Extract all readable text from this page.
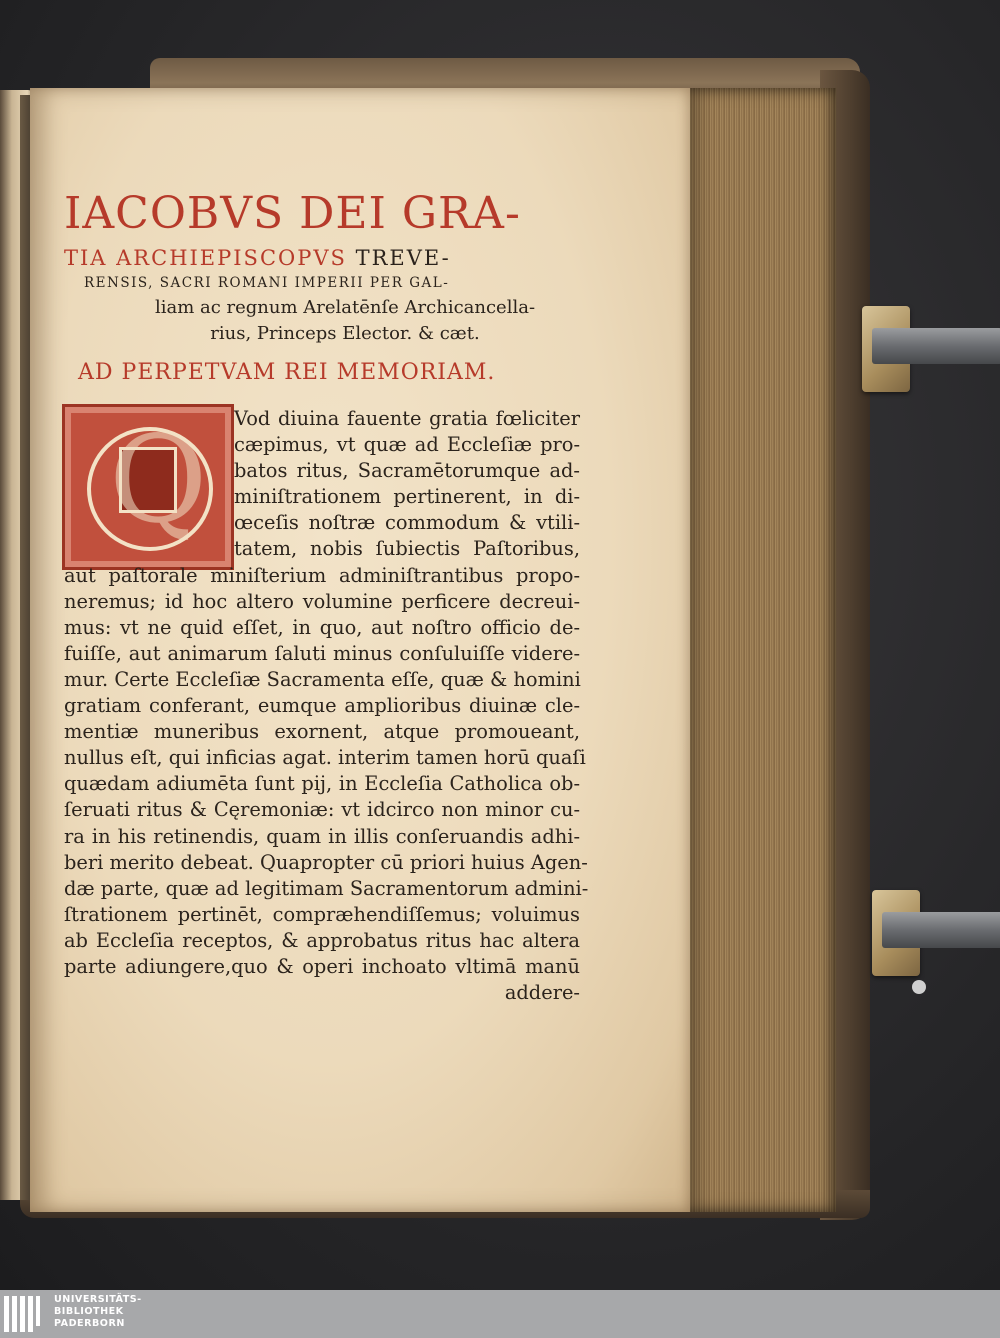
IACOBVS DEI GRA-
TIA ARCHIEPISCOPVS TREVE-
RENSIS, SACRI ROMANI IMPERII PER GAL-
liam ac regnum Arelatēnſe Archicancella-
rius, Princeps Elector. & cæt.
AD PERPETVAM REI MEMORIAM.
Q Vod diuina fauente gratia fœliciter
cæpimus, vt quæ ad Eccleſiæ pro-
batos ritus, Sacramētorumque ad-
miniſtrationem pertinerent, in di-
œceſis noſtræ commodum & vtili-
tatem, nobis ſubiectis Paſtoribus,
aut paſtorale miniſterium adminiſtrantibus propo-
neremus; id hoc altero volumine perficere decreui-
mus: vt ne quid eſſet, in quo, aut noſtro officio de-
fuiſſe, aut animarum ſaluti minus conſuluiſſe videre-
mur. Certe Eccleſiæ Sacramenta eſſe, quæ & homini
gratiam conferant, eumque amplioribus diuinæ cle-
mentiæ muneribus exornent, atque promoueant,
nullus eſt, qui inficias agat. interim tamen horū quaſi
quædam adiumēta ſunt pij, in Eccleſia Catholica ob-
ſeruati ritus & Cęremoniæ: vt idcirco non minor cu-
ra in his retinendis, quam in illis conſeruandis adhi-
beri merito debeat. Quapropter cū priori huius Agen-
dæ parte, quæ ad legitimam Sacramentorum admini-
ſtrationem pertinēt, compræhendiſſemus; voluimus
ab Eccleſia receptos, & approbatus ritus hac altera
parte adiungere,quo & operi inchoato vltimā manū
addere-
UNIVERSITÄTS-
BIBLIOTHEK
PADERBORN
